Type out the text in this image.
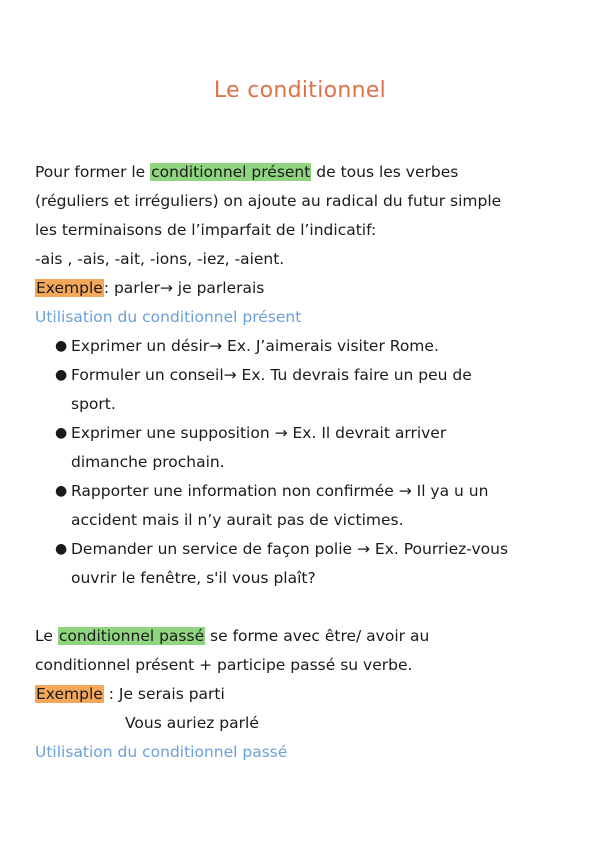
Le conditionnel
Pour former le conditionnel présent de tous les verbes
(réguliers et irréguliers) on ajoute au radical du futur simple
les terminaisons de l’imparfait de l’indicatif:
-ais , -ais, -ait, -ions, -iez, -aient.
Exemple: parler→ je parlerais
Utilisation du conditionnel présent
● Exprimer un désir→ Ex. J’aimerais visiter Rome.
● Formuler un conseil→ Ex. Tu devrais faire un peu de
sport.
● Exprimer une supposition → Ex. Il devrait arriver
dimanche prochain.
● Rapporter une information non confirmée → Il ya u un
accident mais il n’y aurait pas de victimes.
● Demander un service de façon polie → Ex. Pourriez-vous
ouvrir le fenêtre, s'il vous plaît?
Le conditionnel passé se forme avec être/ avoir au
conditionnel présent + participe passé su verbe.
Exemple : Je serais parti
Vous auriez parlé
Utilisation du conditionnel passé
